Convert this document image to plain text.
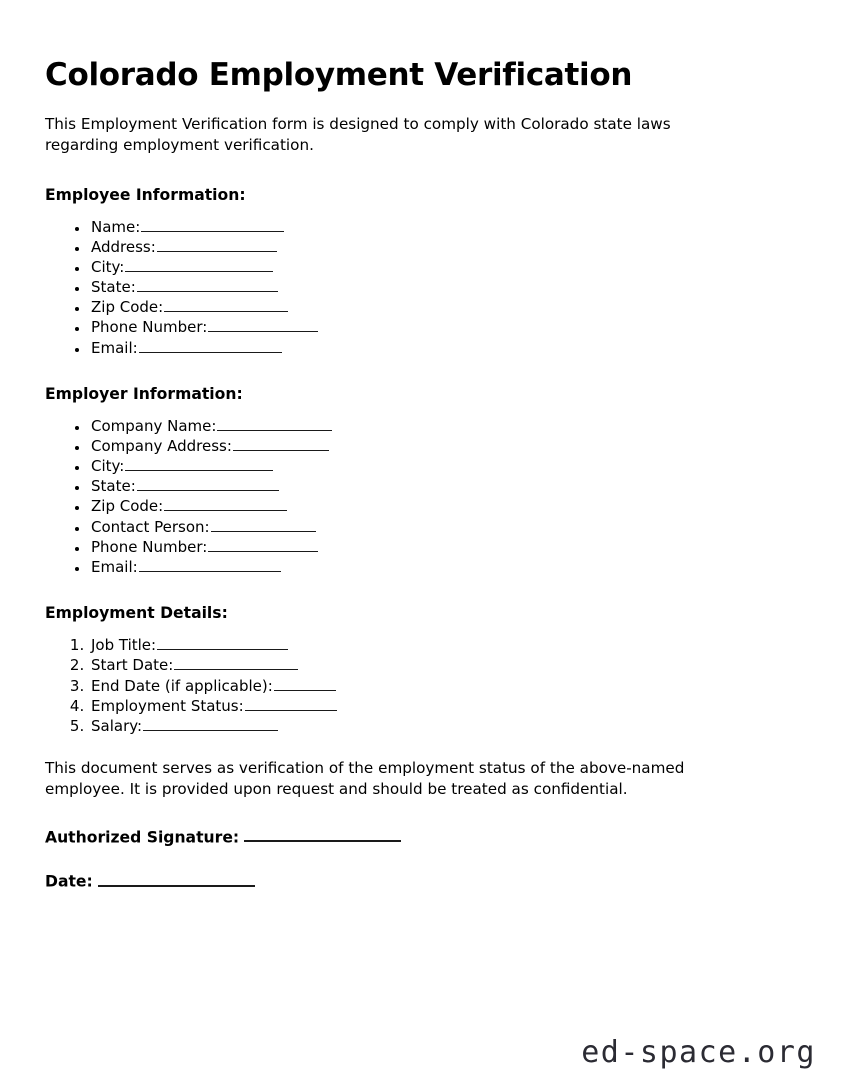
Colorado Employment Verification

This Employment Verification form is designed to comply with Colorado state laws regarding employment verification.

Employee Information:
• Name:
• Address:
• City:
• State:
• Zip Code:
• Phone Number:
• Email:
Employer Information:
• Company Name:
• Company Address:
• City:
• State:
• Zip Code:
• Contact Person:
• Phone Number:
• Email:
Employment Details:
1. Job Title:
2. Start Date:
3. End Date (if applicable):
4. Employment Status:
5. Salary:

This document serves as verification of the employment status of the above-named employee. It is provided upon request and should be treated as confidential.

Authorized Signature:

Date:

ed-space.org
